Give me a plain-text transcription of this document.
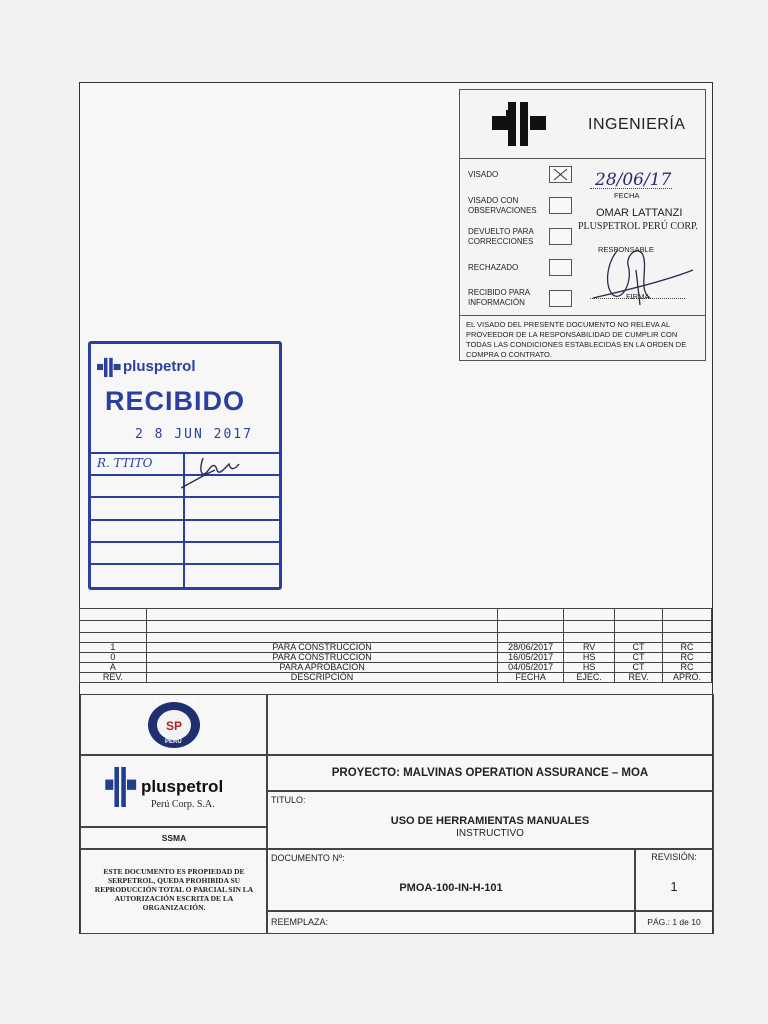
INGENIERÍA
VISADO
VISADO CON
OBSERVACIONES
DEVUELTO PARA
CORRECCIONES
RECHAZADO
RECIBIDO PARA
INFORMACIÓN
28/06/17
FECHA
OMAR LATTANZI
PLUSPETROL PERÚ CORP.
RESPONSABLE
FIRMA
EL VISADO DEL PRESENTE DOCUMENTO NO RELEVA AL PROVEEDOR DE LA RESPONSABILIDAD DE CUMPLIR CON TODAS LAS CONDICIONES ESTABLECIDAS EN LA ORDEN DE COMPRA O CONTRATO.
pluspetrol
RECIBIDO
2 8 JUN 2017
R. TTITO

1	PARA CONSTRUCCION	28/06/2017	RV	CT	RC
0	PARA CONSTRUCCION	16/05/2017	HS	CT	RC
A	PARA APROBACION	04/05/2017	HS	CT	RC
REV.	DESCRIPCIÓN	FECHA	EJEC.	REV.	APRO.
SP
SERPETROL
PERÚ
pluspetrol
Perú Corp. S.A.
SSMA
ESTE DOCUMENTO ES PROPIEDAD DE SERPETROL, QUEDA PROHIBIDA SU REPRODUCCIÓN TOTAL O PARCIAL SIN LA AUTORIZACIÓN ESCRITA DE LA ORGANIZACIÓN.
PROYECTO: MALVINAS OPERATION ASSURANCE – MOA
TITULO:
USO DE HERRAMIENTAS MANUALES
INSTRUCTIVO
DOCUMENTO Nº:
PMOA-100-IN-H-101
REVISIÓN:
1
REEMPLAZA:	PÁG.: 1 de 10
